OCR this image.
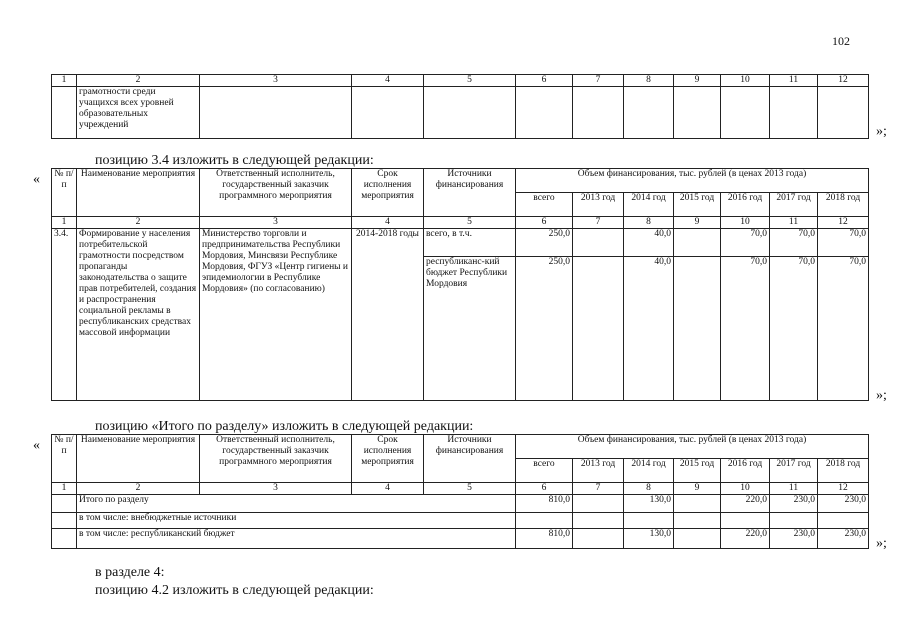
102
1	2	3	4	5	6	7	8	9	10	11	12
	грамотности среди учащихся всех уровней образовательных учреждений											»;
позицию 3.4 изложить в следующей редакции:
« № п/п	Наименование мероприятия	Ответственный исполнитель, государственный заказчик программного мероприятия	Срок исполнения мероприятия	Источники финансирования	Объем финансирования, тыс. рублей (в ценах 2013 года)						
					всего	2013 год	2014 год	2015 год	2016 год	2017 год	2018 год
1	2	3	4	5	6	7	8	9	10	11	12
3.4.	Формирование у населения потребительской грамотности посредством пропаганды законодательства о защите прав потребителей, создания и распространения социальной рекламы в республиканских средствах массовой информации	Министерство торговли и предпринимательства Республики Мордовия, Минсвязи Республике Мордовия, ФГУЗ «Центр гигиены и эпидемиологии в Республике Мордовия» (по согласованию)	2014-2018 годы	всего, в т.ч.	250,0		40,0		70,0	70,0	70,0
				республиканс-кий бюджет Республики Мордовия	250,0		40,0		70,0	70,0	70,0
»;
позицию «Итого по разделу» изложить в следующей редакции:
« № п/п	Наименование мероприятия	Ответственный исполнитель, государственный заказчик программного мероприятия	Срок исполнения мероприятия	Источники финансирования	Объем финансирования, тыс. рублей (в ценах 2013 года)						
					всего	2013 год	2014 год	2015 год	2016 год	2017 год	2018 год
1	2	3	4	5	6	7	8	9	10	11	12
	Итого по разделу				810,0		130,0		220,0	230,0	230,0
	в том числе: внебюджетные источники										
	в том числе: республиканский бюджет				810,0		130,0		220,0	230,0	230,0
»;
в разделе 4:
позицию 4.2 изложить в следующей редакции:
